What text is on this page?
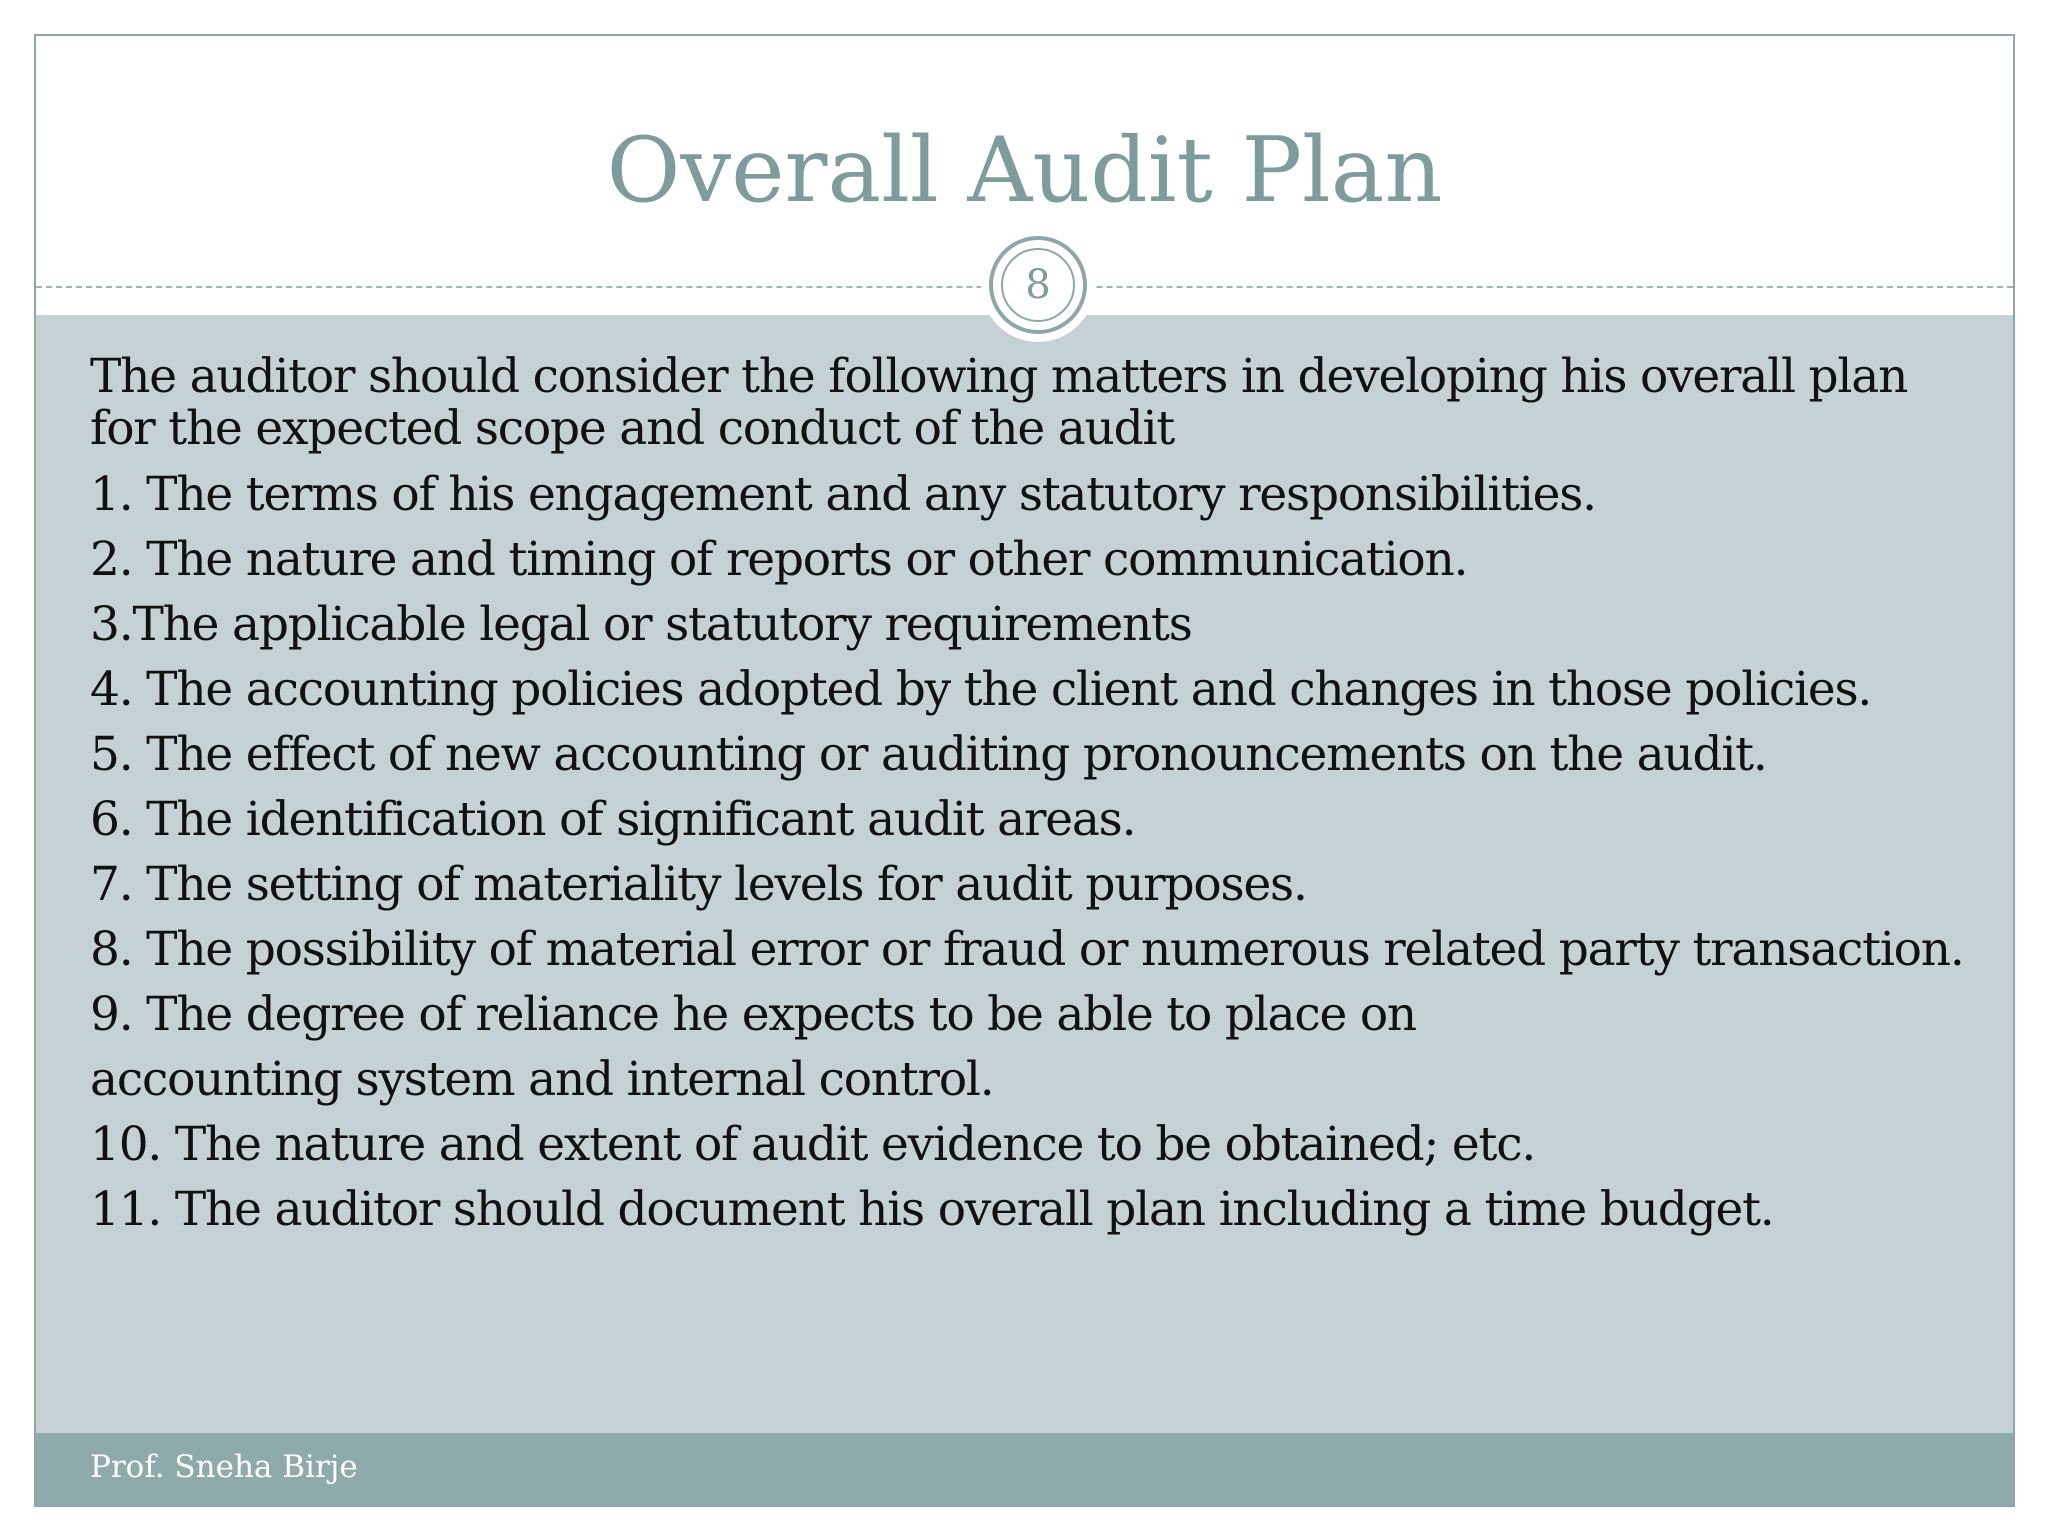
Overall Audit Plan
8

The auditor should consider the following matters in developing his overall plan for the expected scope and conduct of the audit

1. The terms of his engagement and any statutory responsibilities.
2. The nature and timing of reports or other communication.
3.The applicable legal or statutory requirements
4. The accounting policies adopted by the client and changes in those policies.
5. The effect of new accounting or auditing pronouncements on the audit.
6. The identification of significant audit areas.
7. The setting of materiality levels for audit purposes.
8. The possibility of material error or fraud or numerous related party transaction.
9. The degree of reliance he expects to be able to place on
accounting system and internal control.
10. The nature and extent of audit evidence to be obtained; etc.
11. The auditor should document his overall plan including a time budget.
Prof. Sneha Birje
